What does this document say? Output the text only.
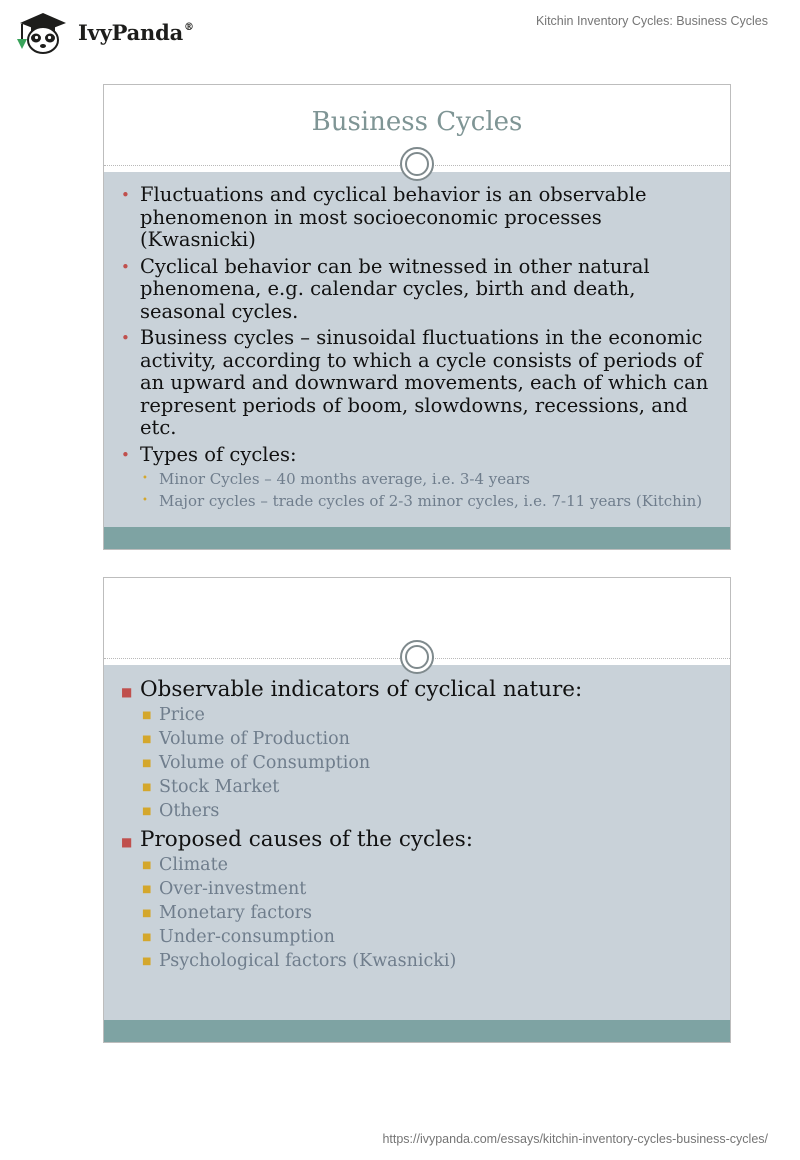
IvyPanda®	Kitchin Inventory Cycles: Business Cycles
Business Cycles
• Fluctuations and cyclical behavior is an observable phenomenon in most socioeconomic processes (Kwasnicki)
• Cyclical behavior can be witnessed in other natural phenomena, e.g. calendar cycles, birth and death, seasonal cycles.
• Business cycles – sinusoidal fluctuations in the economic activity, according to which a cycle consists of periods of an upward and downward movements, each of which can represent periods of boom, slowdowns, recessions, and etc.
• Types of cycles:
• Minor Cycles – 40 months average, i.e. 3-4 years
• Major cycles – trade cycles of 2-3 minor cycles, i.e. 7-11 years (Kitchin)
■ Observable indicators of cyclical nature:
■ Price
■ Volume of Production
■ Volume of Consumption
■ Stock Market
■ Others
■ Proposed causes of the cycles:
■ Climate
■ Over-investment
■ Monetary factors
■ Under-consumption
■ Psychological factors (Kwasnicki)
https://ivypanda.com/essays/kitchin-inventory-cycles-business-cycles/
